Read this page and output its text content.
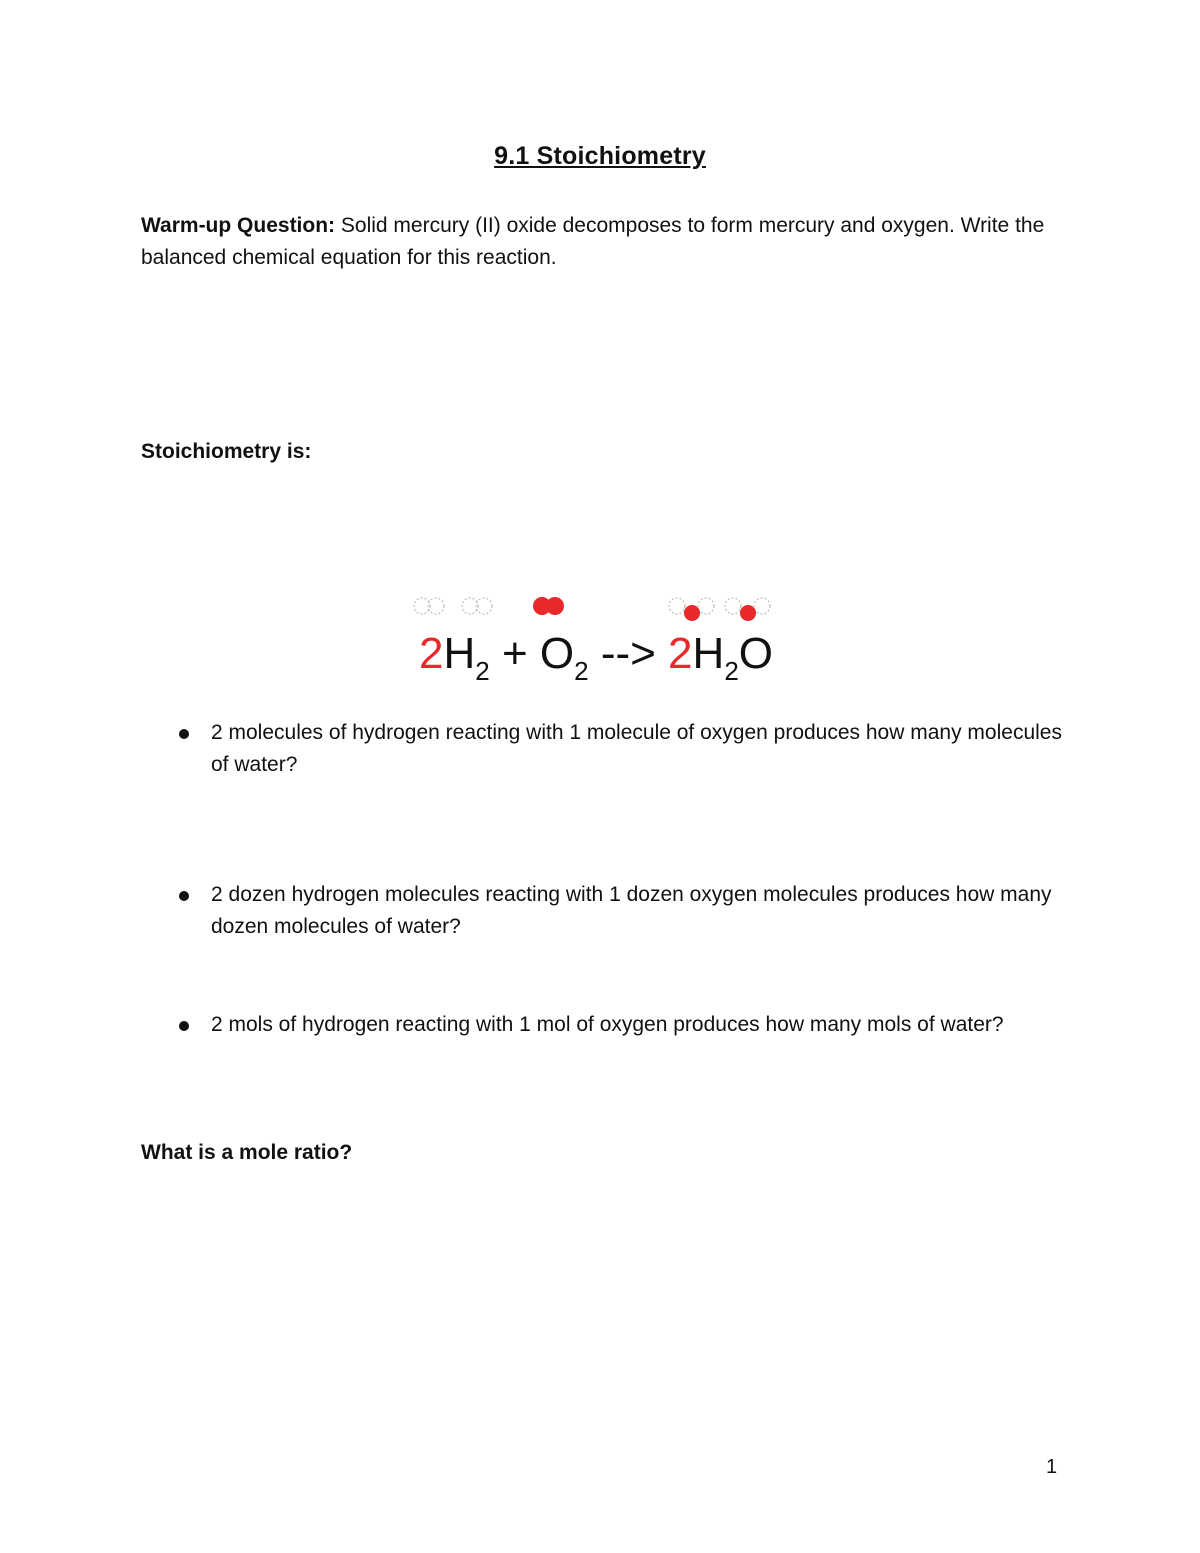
9.1 Stoichiometry
Warm-up Question: Solid mercury (II) oxide decomposes to form mercury and oxygen. Write the balanced chemical equation for this reaction.
Stoichiometry is:
$2H_2 + O_2$ --> $2H_2O$
2 molecules of hydrogen reacting with 1 molecule of oxygen produces how many molecules of water?
2 dozen hydrogen molecules reacting with 1 dozen oxygen molecules produces how many dozen molecules of water?
2 mols of hydrogen reacting with 1 mol of oxygen produces how many mols of water?
What is a mole ratio?
1
